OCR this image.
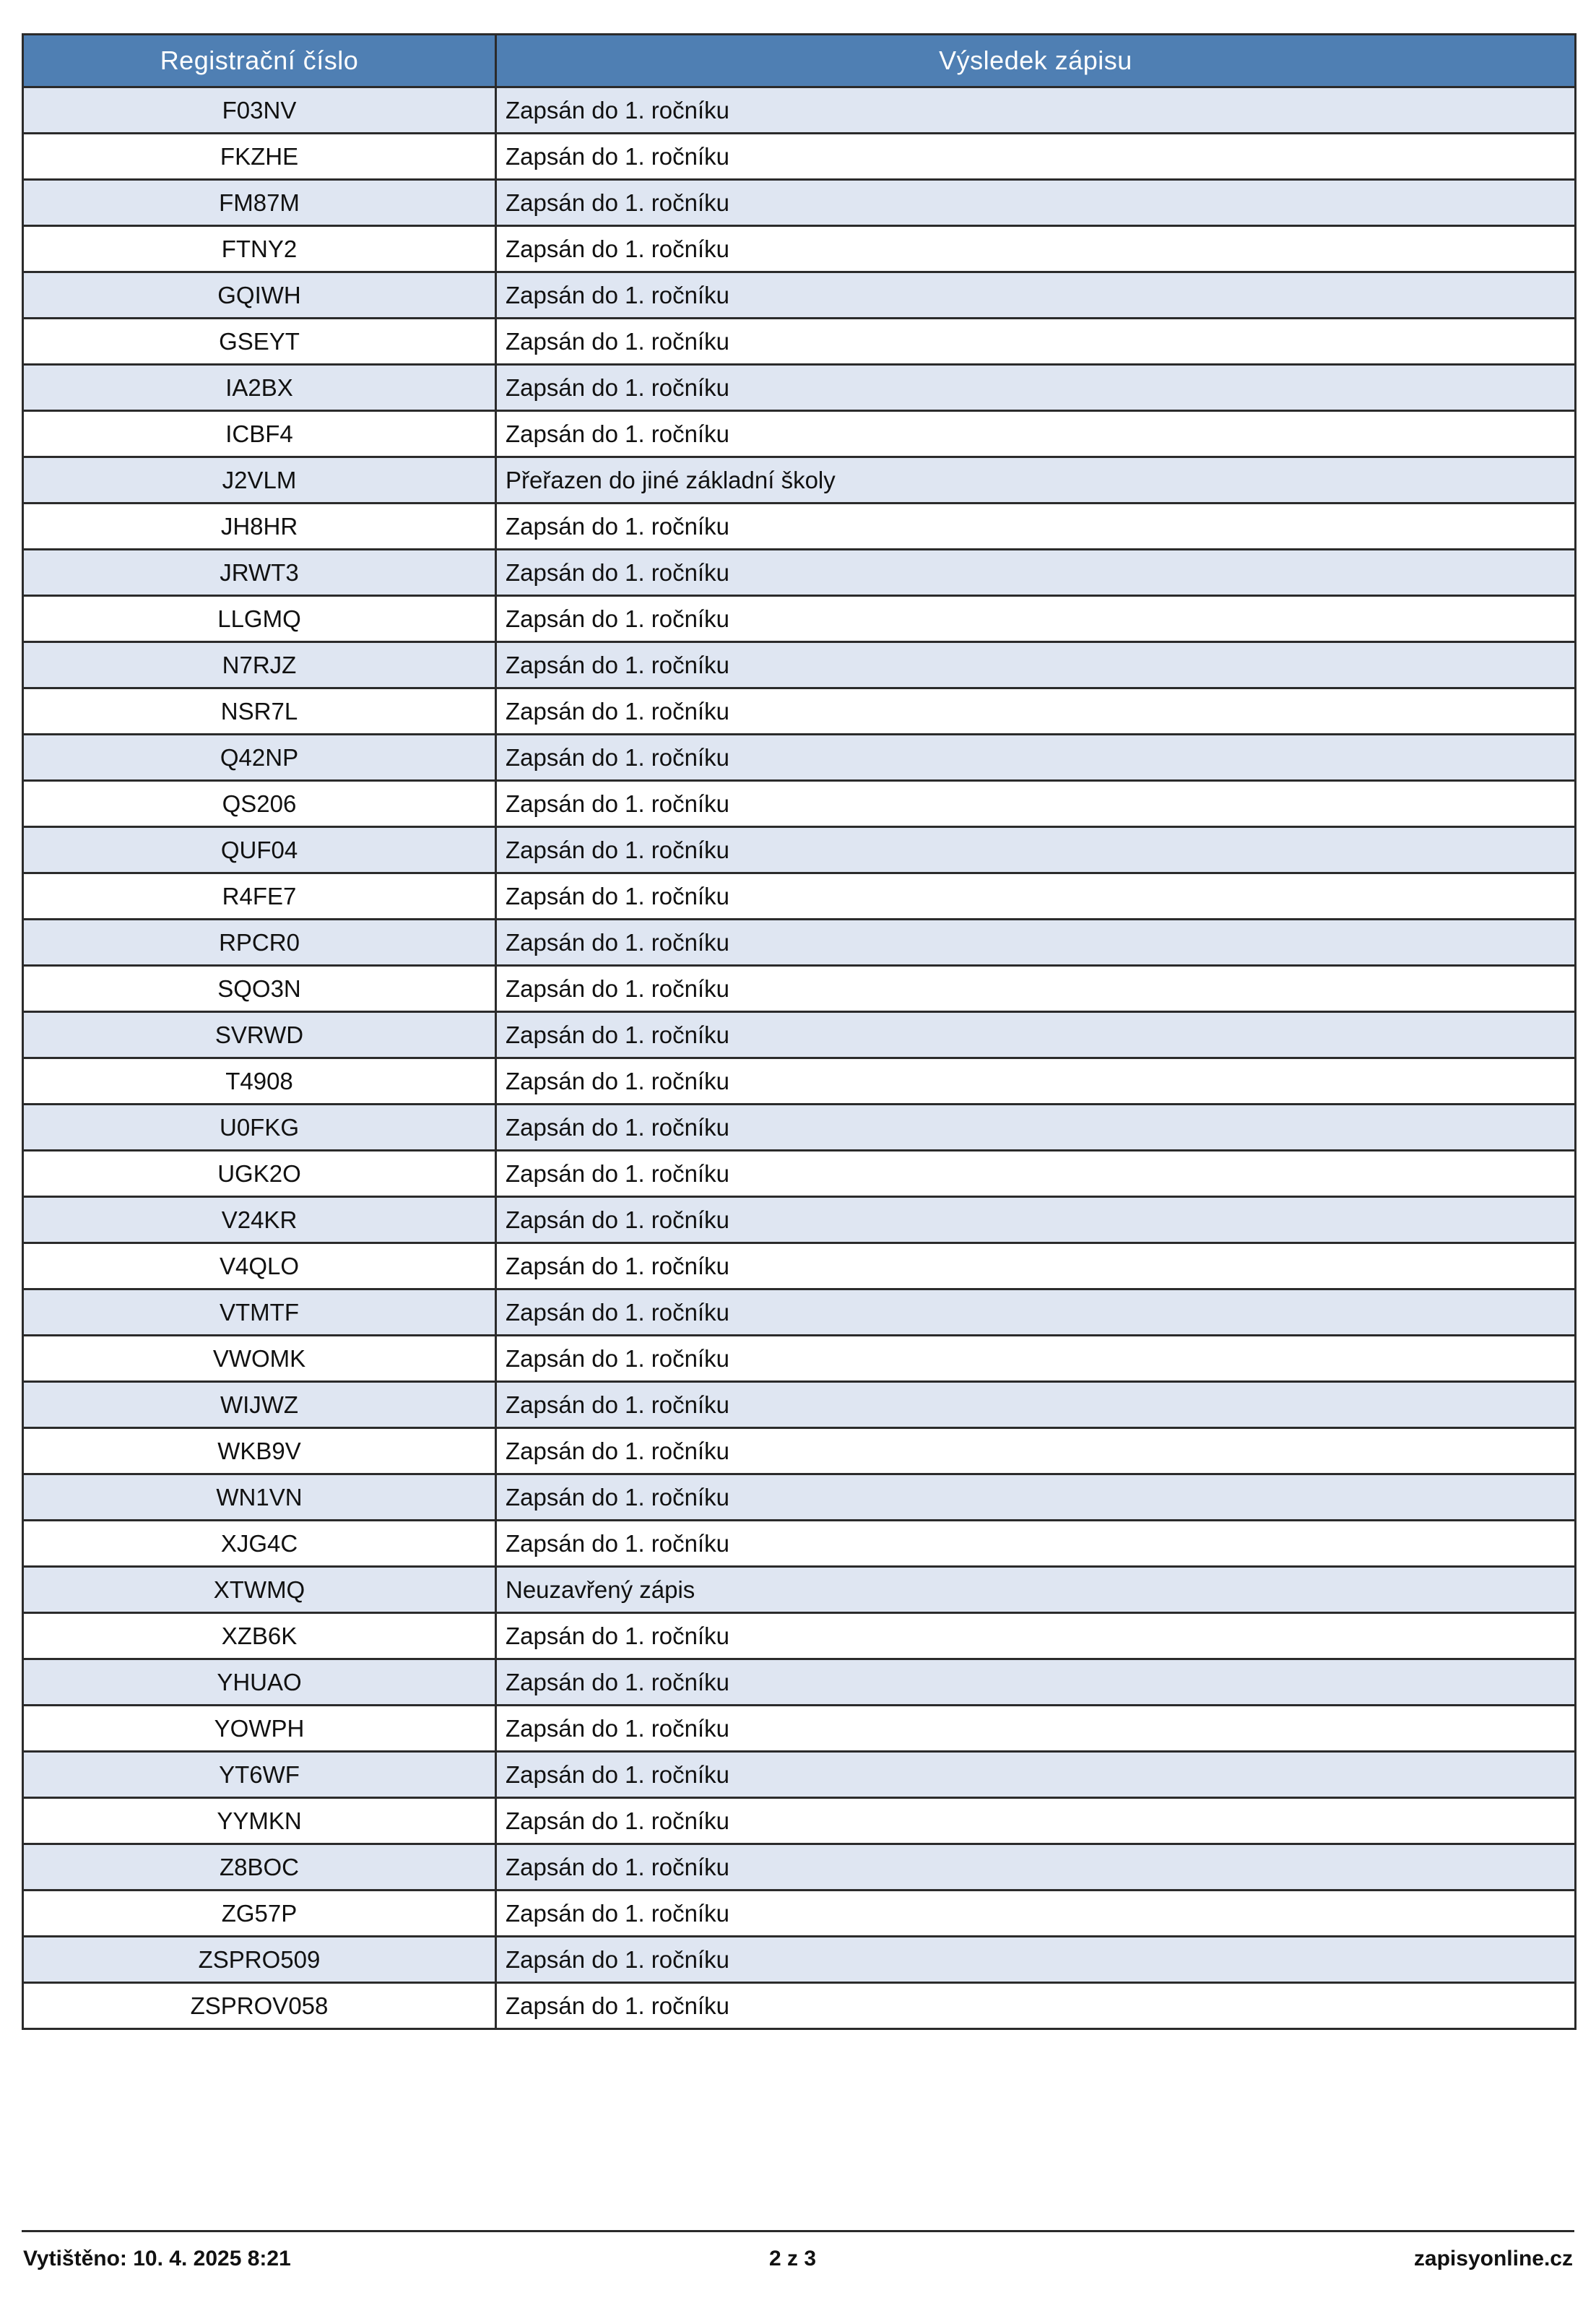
Registrační číslo	Výsledek zápisu
F03NV	Zapsán do 1. ročníku
FKZHE	Zapsán do 1. ročníku
FM87M	Zapsán do 1. ročníku
FTNY2	Zapsán do 1. ročníku
GQIWH	Zapsán do 1. ročníku
GSEYT	Zapsán do 1. ročníku
IA2BX	Zapsán do 1. ročníku
ICBF4	Zapsán do 1. ročníku
J2VLM	Přeřazen do jiné základní školy
JH8HR	Zapsán do 1. ročníku
JRWT3	Zapsán do 1. ročníku
LLGMQ	Zapsán do 1. ročníku
N7RJZ	Zapsán do 1. ročníku
NSR7L	Zapsán do 1. ročníku
Q42NP	Zapsán do 1. ročníku
QS206	Zapsán do 1. ročníku
QUF04	Zapsán do 1. ročníku
R4FE7	Zapsán do 1. ročníku
RPCR0	Zapsán do 1. ročníku
SQO3N	Zapsán do 1. ročníku
SVRWD	Zapsán do 1. ročníku
T4908	Zapsán do 1. ročníku
U0FKG	Zapsán do 1. ročníku
UGK2O	Zapsán do 1. ročníku
V24KR	Zapsán do 1. ročníku
V4QLO	Zapsán do 1. ročníku
VTMTF	Zapsán do 1. ročníku
VWOMK	Zapsán do 1. ročníku
WIJWZ	Zapsán do 1. ročníku
WKB9V	Zapsán do 1. ročníku
WN1VN	Zapsán do 1. ročníku
XJG4C	Zapsán do 1. ročníku
XTWMQ	Neuzavřený zápis
XZB6K	Zapsán do 1. ročníku
YHUAO	Zapsán do 1. ročníku
YOWPH	Zapsán do 1. ročníku
YT6WF	Zapsán do 1. ročníku
YYMKN	Zapsán do 1. ročníku
Z8BOC	Zapsán do 1. ročníku
ZG57P	Zapsán do 1. ročníku
ZSPRO509	Zapsán do 1. ročníku
ZSPROV058	Zapsán do 1. ročníku
Vytištěno: 10. 4. 2025 8:21	2 z 3	zapisyonline.cz
